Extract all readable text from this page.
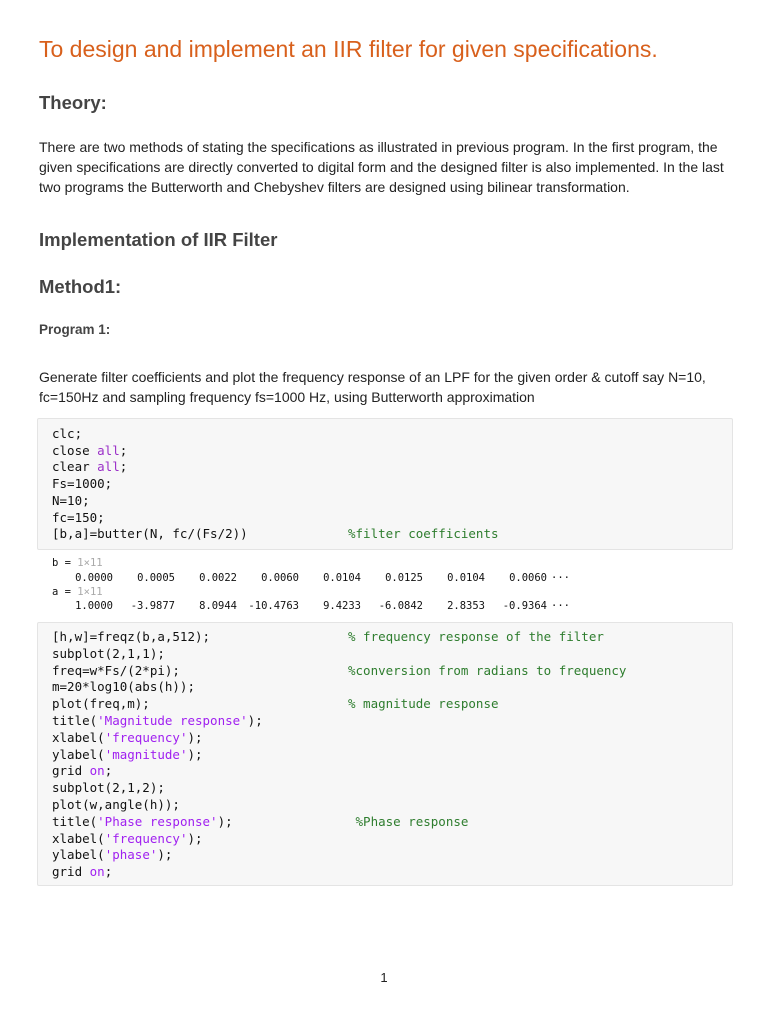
To design and implement an IIR filter for given specifications.
Theory:
There are two methods of stating the specifications as illustrated in previous program. In the first program, the
given specifications are directly converted to digital form and the designed filter is also implemented. In the last
two programs the Butterworth and Chebyshev filters are designed using bilinear transformation.
Implementation of IIR Filter
Method1:
Program 1:
Generate filter coefficients and plot the frequency response of an LPF for the given order & cutoff say N=10,
fc=150Hz and sampling frequency fs=1000 Hz, using Butterworth approximation
clc;
close all;
clear all;
Fs=1000;
N=10;
fc=150;
[b,a]=butter(N, fc/(Fs/2))	%filter coefficients
b = 1×11
0.0000	0.0005	0.0022	0.0060	0.0104	0.0125	0.0104	0.0060 ···
a = 1×11
1.0000	-3.9877	8.0944 -10.4763	9.4233	-6.0842	2.8353	-0.9364 ···
[h,w]=freqz(b,a,512);	% frequency response of the filter
subplot(2,1,1);
freq=w*Fs/(2*pi);	%conversion from radians to frequency
m=20*log10(abs(h));
plot(freq,m);	% magnitude response
title('Magnitude response');
xlabel('frequency');
ylabel('magnitude');
grid on;
subplot(2,1,2);
plot(w,angle(h));
title('Phase response');	%Phase response
xlabel('frequency');
ylabel('phase');
grid on;
1
